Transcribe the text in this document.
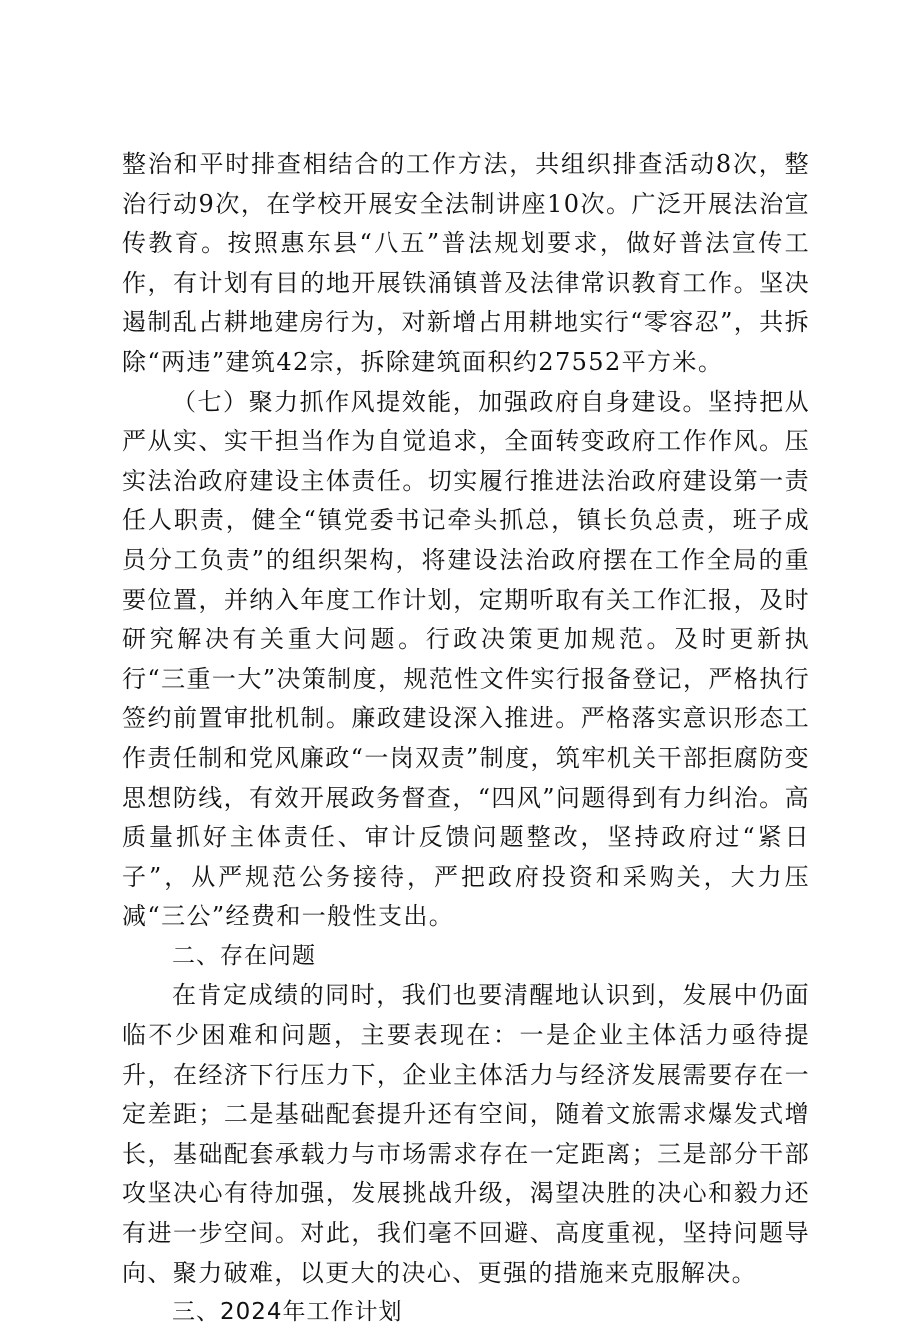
整治和平时排查相结合的工作方法，共组织排查活动8次，整治行动9次，在学校开展安全法制讲座10次。广泛开展法治宣传教育。按照惠东县“八五”普法规划要求，做好普法宣传工作，有计划有目的地开展铁涌镇普及法律常识教育工作。坚决遏制乱占耕地建房行为，对新增占用耕地实行“零容忍”，共拆除“两违”建筑42宗，拆除建筑面积约27552平方米。

（七）聚力抓作风提效能，加强政府自身建设。坚持把从严从实、实干担当作为自觉追求，全面转变政府工作作风。压实法治政府建设主体责任。切实履行推进法治政府建设第一责任人职责，健全“镇党委书记牵头抓总，镇长负总责，班子成员分工负责”的组织架构，将建设法治政府摆在工作全局的重要位置，并纳入年度工作计划，定期听取有关工作汇报，及时研究解决有关重大问题。行政决策更加规范。及时更新执行“三重一大”决策制度，规范性文件实行报备登记，严格执行签约前置审批机制。廉政建设深入推进。严格落实意识形态工作责任制和党风廉政“一岗双责”制度，筑牢机关干部拒腐防变思想防线，有效开展政务督查，“四风”问题得到有力纠治。高质量抓好主体责任、审计反馈问题整改，坚持政府过“紧日子”，从严规范公务接待，严把政府投资和采购关，大力压减“三公”经费和一般性支出。

二、存在问题

在肯定成绩的同时，我们也要清醒地认识到，发展中仍面临不少困难和问题，主要表现在：一是企业主体活力亟待提升，在经济下行压力下，企业主体活力与经济发展需要存在一定差距；二是基础配套提升还有空间，随着文旅需求爆发式增长，基础配套承载力与市场需求存在一定距离；三是部分干部攻坚决心有待加强，发展挑战升级，渴望决胜的决心和毅力还有进一步空间。对此，我们毫不回避、高度重视，坚持问题导向、聚力破难，以更大的决心、更强的措施来克服解决。

三、2024年工作计划
